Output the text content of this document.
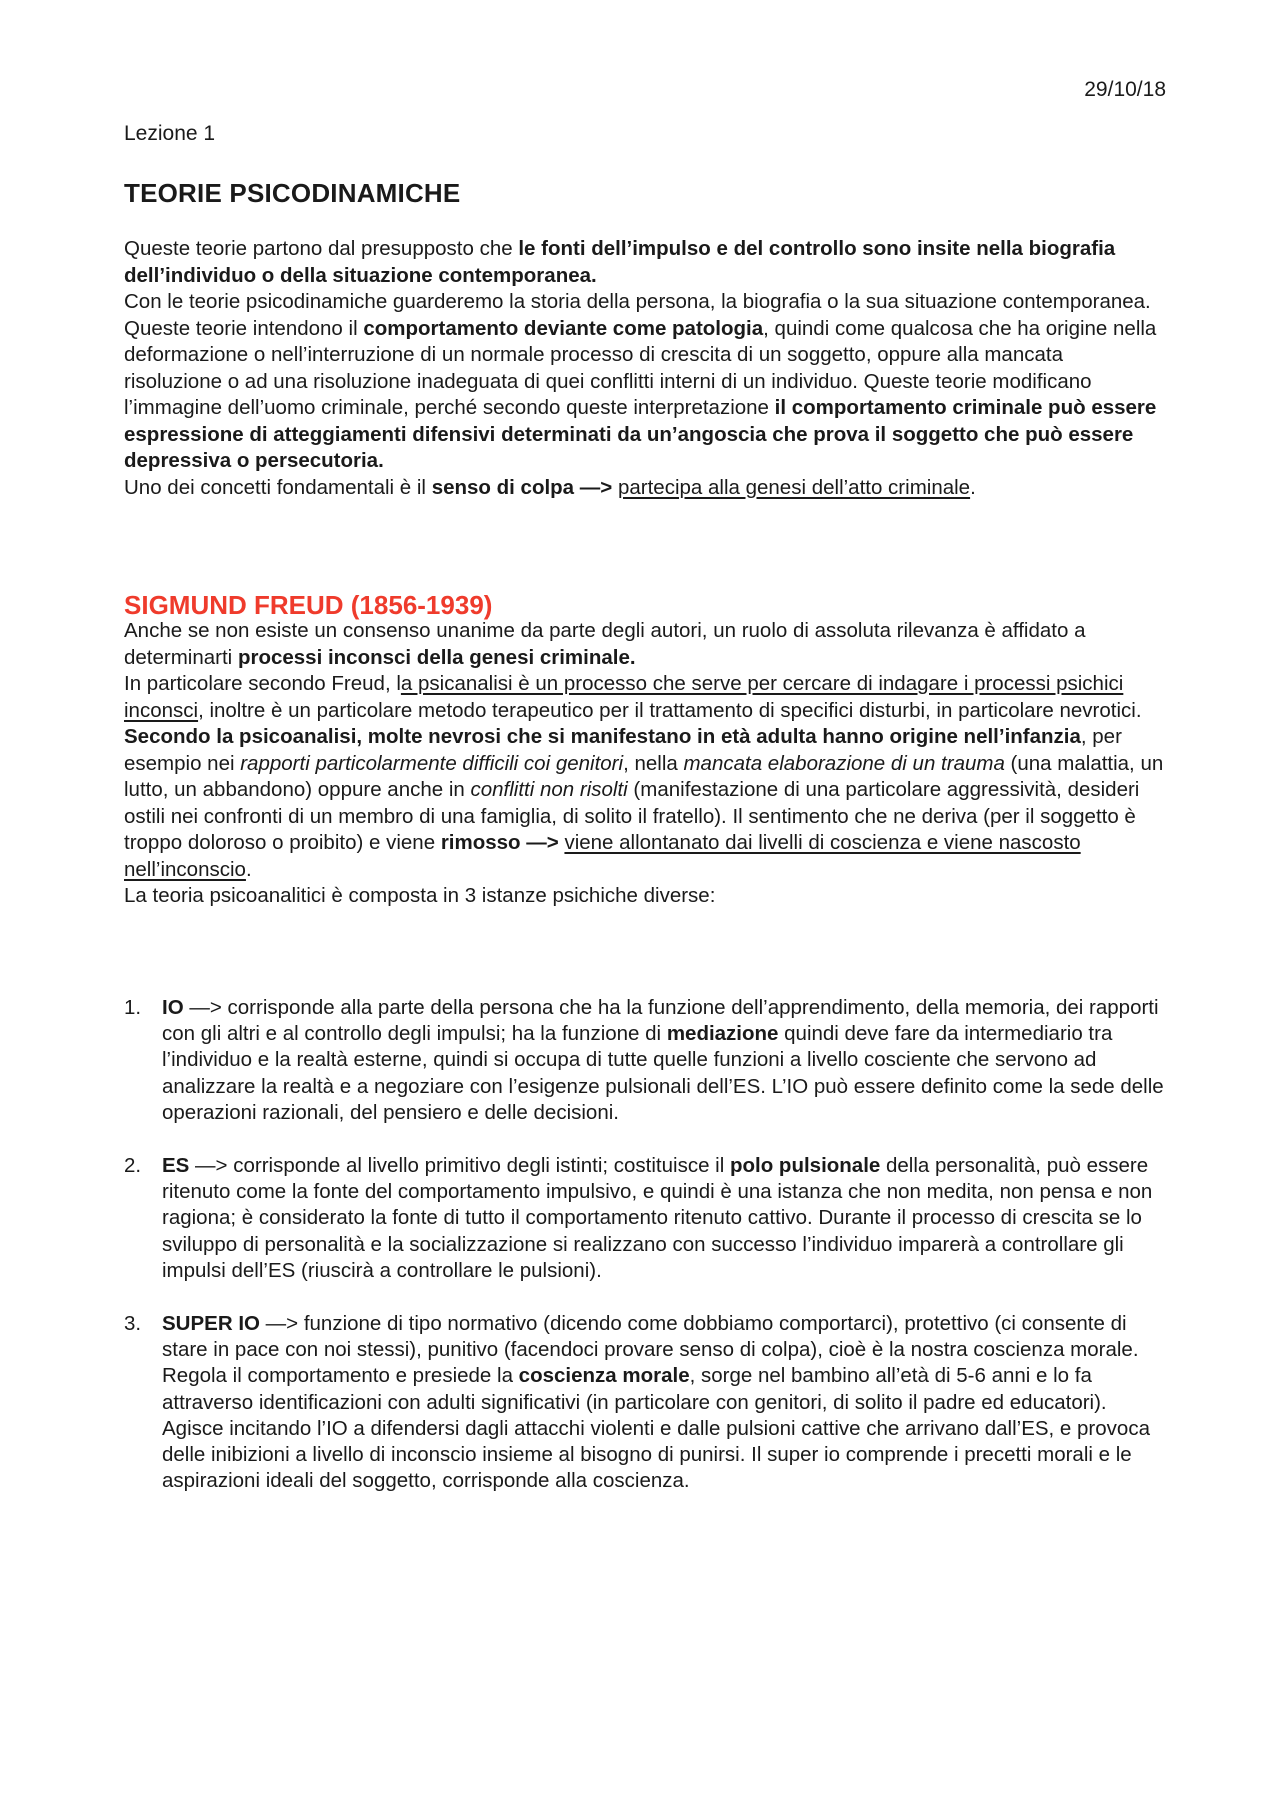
29/10/18
Lezione 1
TEORIE PSICODINAMICHE

Queste teorie partono dal presupposto che le fonti dell’impulso e del controllo sono insite nella biografia dell’individuo o della situazione contemporanea.
Con le teorie psicodinamiche guarderemo la storia della persona, la biografia o la sua situazione contemporanea. Queste teorie intendono il comportamento deviante come patologia, quindi come qualcosa che ha origine nella deformazione o nell’interruzione di un normale processo di crescita di un soggetto, oppure alla mancata risoluzione o ad una risoluzione inadeguata di quei conflitti interni di un individuo. Queste teorie modificano l’immagine dell’uomo criminale, perché secondo queste interpretazione il comportamento criminale può essere espressione di atteggiamenti difensivi determinati da un’angoscia che prova il soggetto che può essere depressiva o persecutoria.
Uno dei concetti fondamentali è il senso di colpa —> partecipa alla genesi dell’atto criminale.

SIGMUND FREUD (1856-1939)

Anche se non esiste un consenso unanime da parte degli autori, un ruolo di assoluta rilevanza è affidato a determinarti processi inconsci della genesi criminale.
In particolare secondo Freud, la psicanalisi è un processo che serve per cercare di indagare i processi psichici inconsci, inoltre è un particolare metodo terapeutico per il trattamento di specifici disturbi, in particolare nevrotici.

Secondo la psicoanalisi, molte nevrosi che si manifestano in età adulta hanno origine nell’infanzia, per esempio nei rapporti particolarmente difficili coi genitori, nella mancata elaborazione di un trauma (una malattia, un lutto, un abbandono) oppure anche in conflitti non risolti (manifestazione di una particolare aggressività, desideri ostili nei confronti di un membro di una famiglia, di solito il fratello). Il sentimento che ne deriva (per il soggetto è troppo doloroso o proibito) e viene rimosso —> viene allontanato dai livelli di coscienza e viene nascosto nell’inconscio.

La teoria psicoanalitici è composta in 3 istanze psichiche diverse:

1. IO —> corrisponde alla parte della persona che ha la funzione dell’apprendimento, della memoria, dei rapporti con gli altri e al controllo degli impulsi; ha la funzione di mediazione quindi deve fare da intermediario tra l’individuo e la realtà esterne, quindi si occupa di tutte quelle funzioni a livello cosciente che servono ad analizzare la realtà e a negoziare con l’esigenze pulsionali dell’ES. L’IO può essere definito come la sede delle operazioni razionali, del pensiero e delle decisioni.
2. ES —> corrisponde al livello primitivo degli istinti; costituisce il polo pulsionale della personalità, può essere ritenuto come la fonte del comportamento impulsivo, e quindi è una istanza che non medita, non pensa e non ragiona; è considerato la fonte di tutto il comportamento ritenuto cattivo. Durante il processo di crescita se lo sviluppo di personalità e la socializzazione si realizzano con successo l’individuo imparerà a controllare gli impulsi dell’ES (riuscirà a controllare le pulsioni).
3. SUPER IO —> funzione di tipo normativo (dicendo come dobbiamo comportarci), protettivo (ci consente di stare in pace con noi stessi), punitivo (facendoci provare senso di colpa), cioè è la nostra coscienza morale. Regola il comportamento e presiede la coscienza morale, sorge nel bambino all’età di 5-6 anni e lo fa attraverso identificazioni con adulti significativi (in particolare con genitori, di solito il padre ed educatori). Agisce incitando l’IO a difendersi dagli attacchi violenti e dalle pulsioni cattive che arrivano dall’ES, e provoca delle inibizioni a livello di inconscio insieme al bisogno di punirsi. Il super io comprende i precetti morali e le aspirazioni ideali del soggetto, corrisponde alla coscienza.
